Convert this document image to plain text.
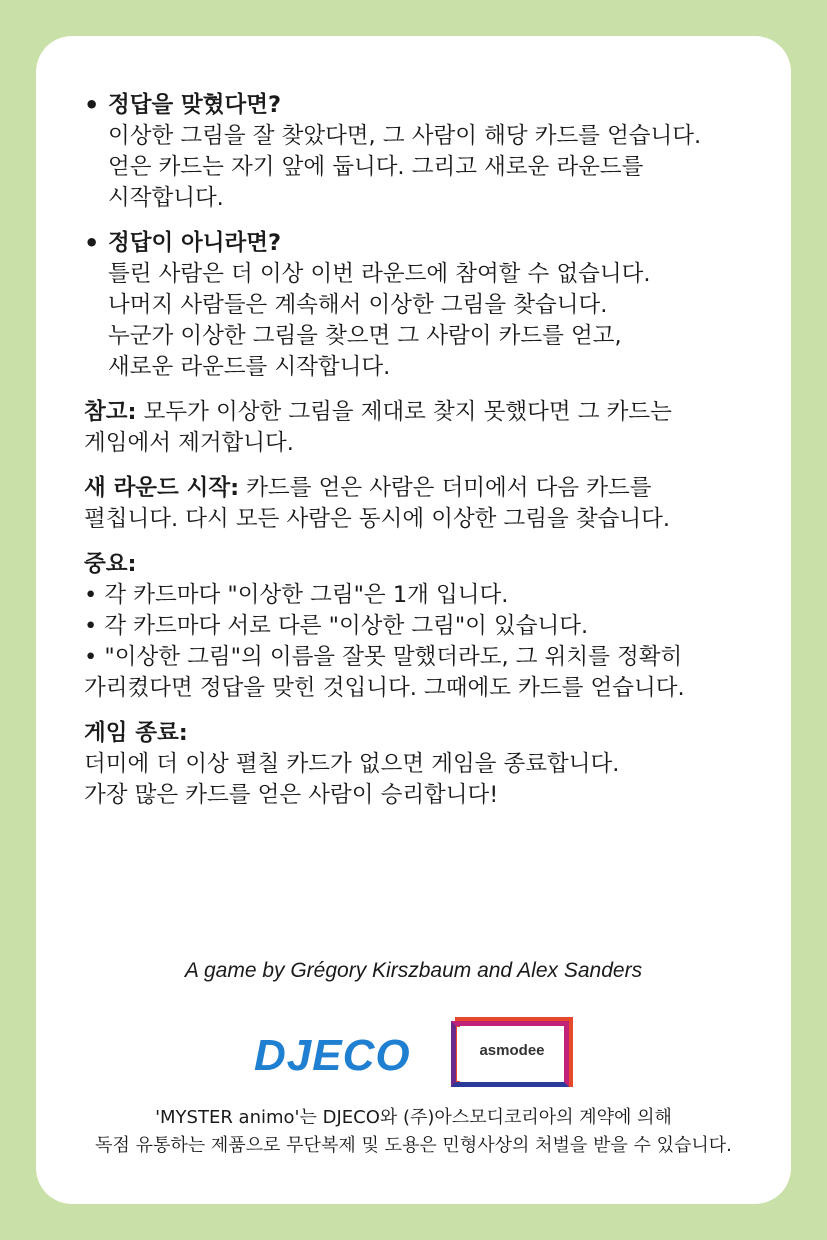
• 정답을 맞혔다면?
이상한 그림을 잘 찾았다면, 그 사람이 해당 카드를 얻습니다.
얻은 카드는 자기 앞에 둡니다. 그리고 새로운 라운드를
시작합니다.
• 정답이 아니라면?
틀린 사람은 더 이상 이번 라운드에 참여할 수 없습니다.
나머지 사람들은 계속해서 이상한 그림을 찾습니다.
누군가 이상한 그림을 찾으면 그 사람이 카드를 얻고,
새로운 라운드를 시작합니다.
참고: 모두가 이상한 그림을 제대로 찾지 못했다면 그 카드는
게임에서 제거합니다.
새 라운드 시작: 카드를 얻은 사람은 더미에서 다음 카드를
펼칩니다. 다시 모든 사람은 동시에 이상한 그림을 찾습니다.
중요:
• 각 카드마다 "이상한 그림"은 1개 입니다.
• 각 카드마다 서로 다른 "이상한 그림"이 있습니다.
• "이상한 그림"의 이름을 잘못 말했더라도, 그 위치를 정확히
가리켰다면 정답을 맞힌 것입니다. 그때에도 카드를 얻습니다.
게임 종료:
더미에 더 이상 펼칠 카드가 없으면 게임을 종료합니다.
가장 많은 카드를 얻은 사람이 승리합니다!
A game by Grégory Kirszbaum and Alex Sanders
DJECO	asmodee
'MYSTER animo'는 DJECO와 (주)아스모디코리아의 계약에 의해
독점 유통하는 제품으로 무단복제 및 도용은 민형사상의 처벌을 받을 수 있습니다.
